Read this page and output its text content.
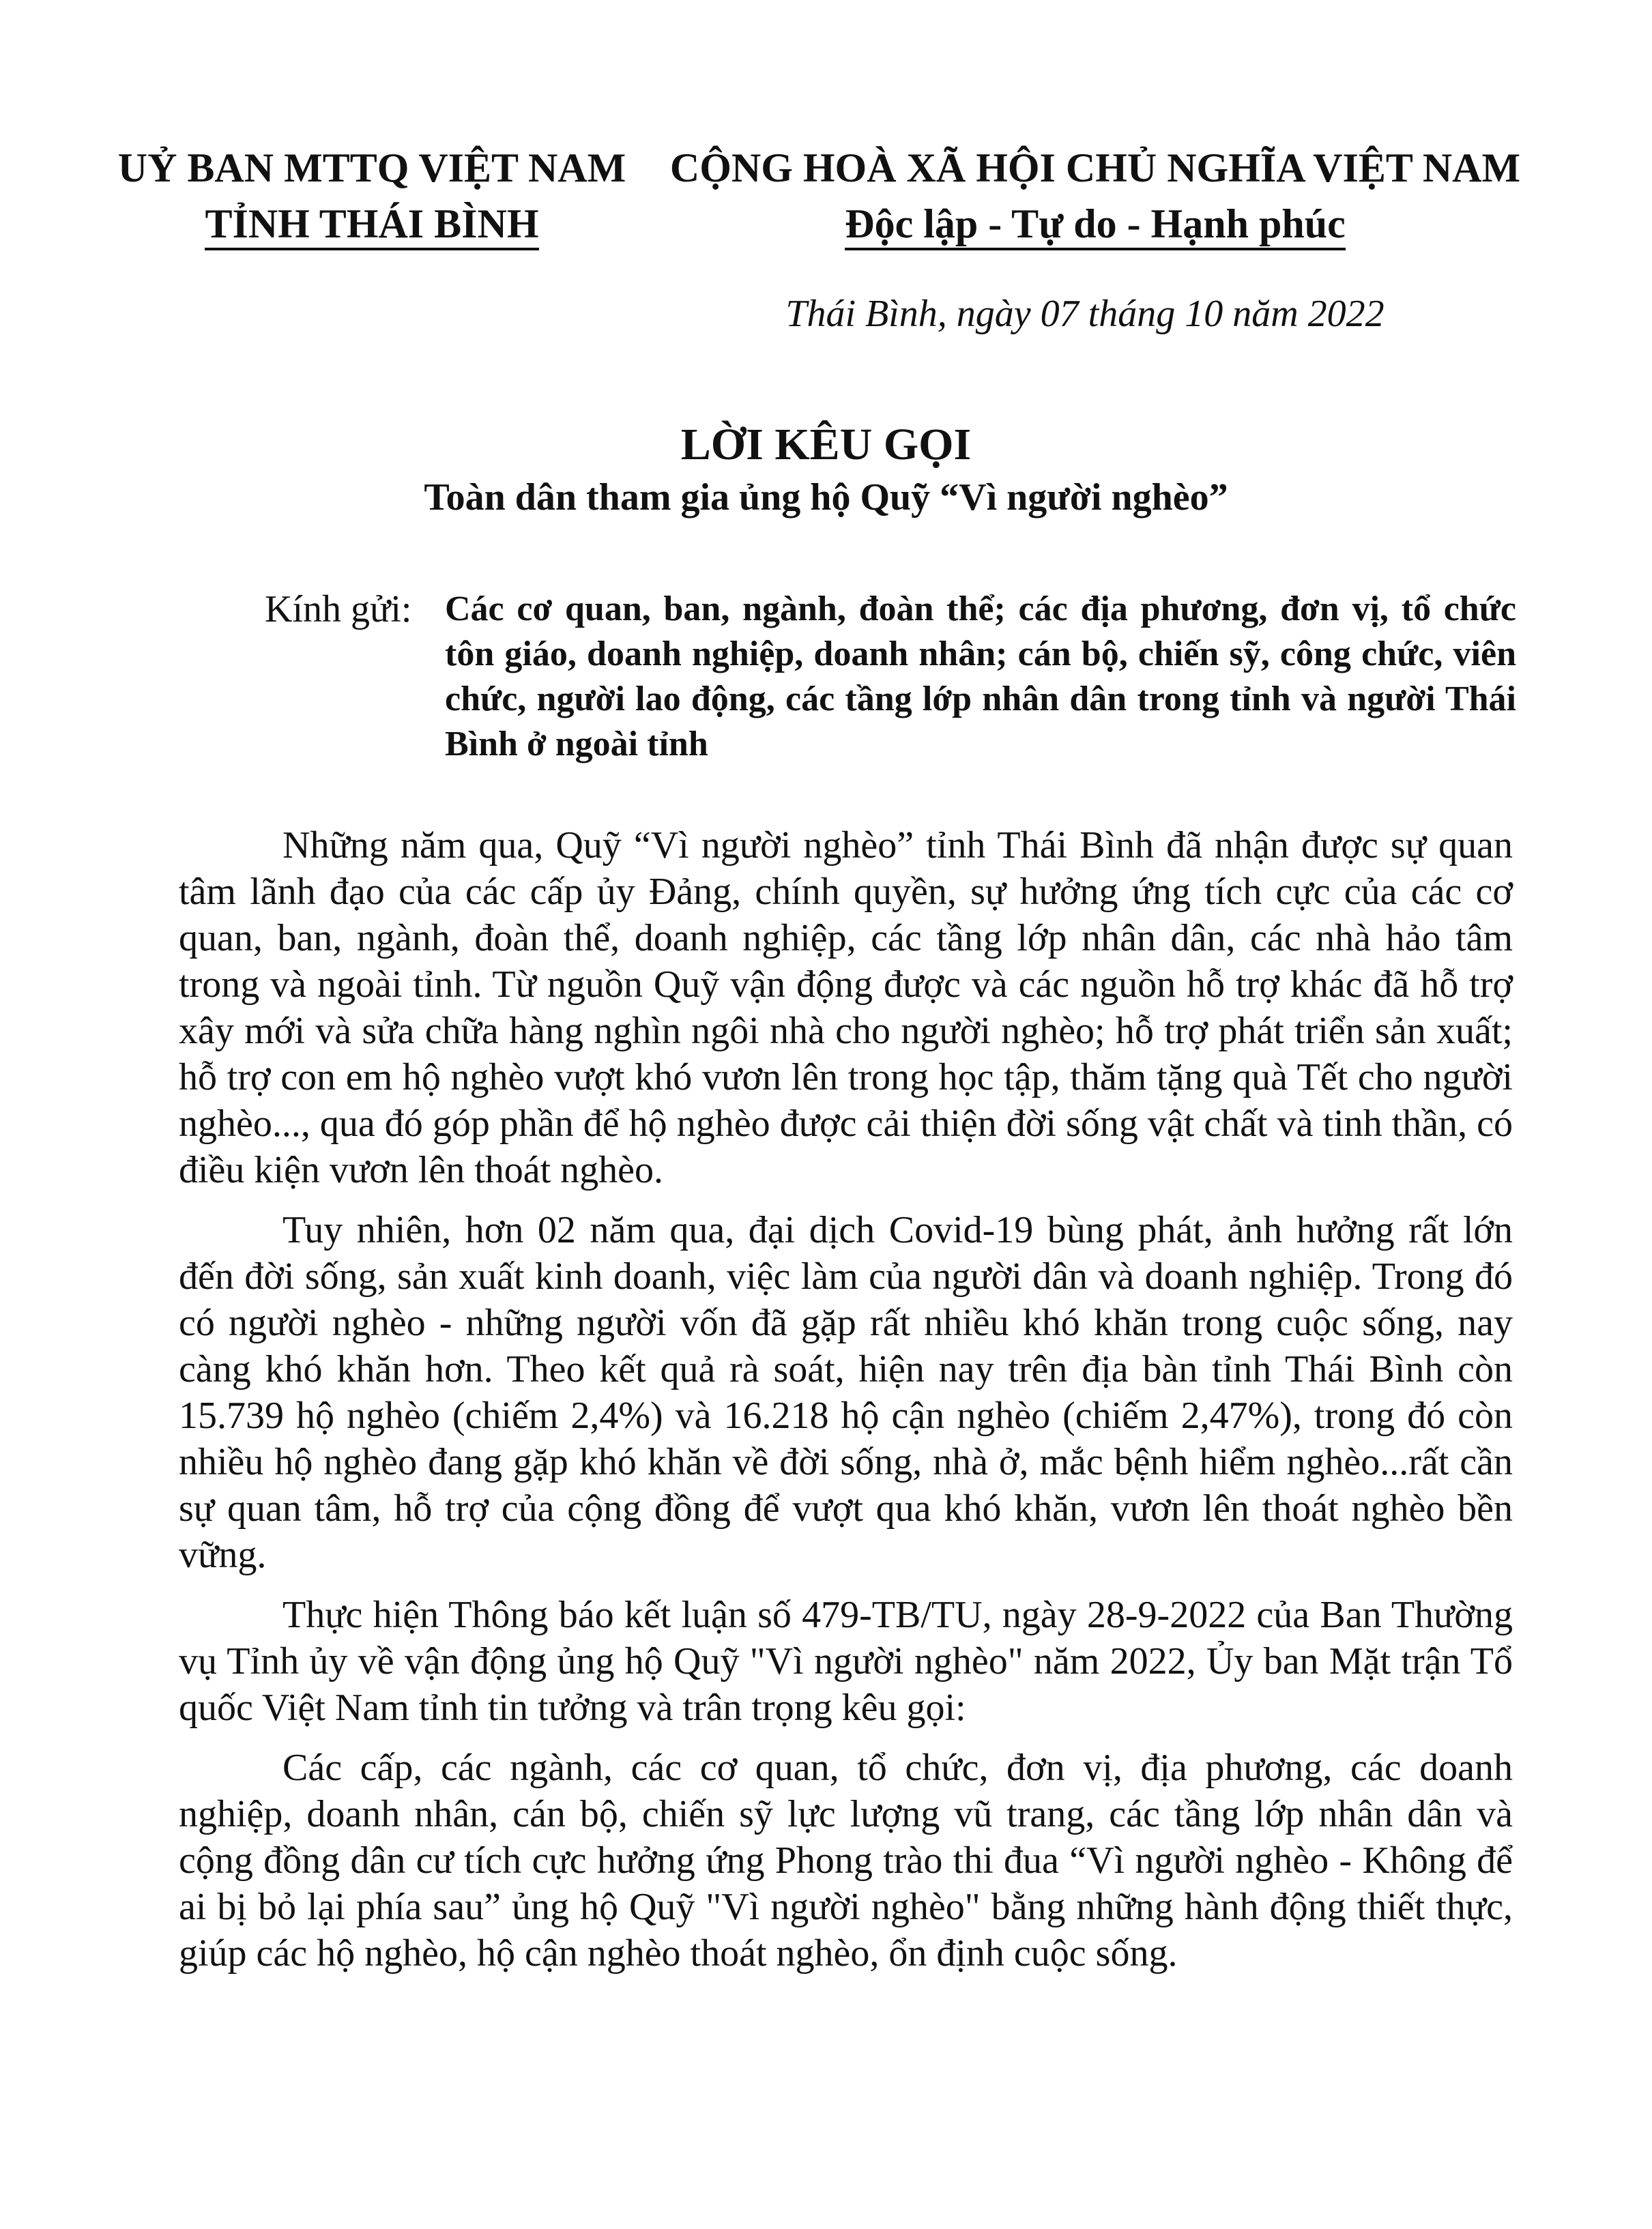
UỶ BAN MTTQ VIỆT NAM
TỈNH THÁI BÌNH
CỘNG HOÀ XÃ HỘI CHỦ NGHĨA VIỆT NAM
Độc lập - Tự do - Hạnh phúc
Thái Bình, ngày 07 tháng 10 năm 2022
LỜI KÊU GỌI
Toàn dân tham gia ủng hộ Quỹ “Vì người nghèo”
Kính gửi: Các cơ quan, ban, ngành, đoàn thể; các địa phương, đơn vị, tổ chức tôn giáo, doanh nghiệp, doanh nhân; cán bộ, chiến sỹ, công chức, viên chức, người lao động, các tầng lớp nhân dân trong tỉnh và người Thái Bình ở ngoài tỉnh

Những năm qua, Quỹ “Vì người nghèo” tỉnh Thái Bình đã nhận được sự quan tâm lãnh đạo của các cấp ủy Đảng, chính quyền, sự hưởng ứng tích cực của các cơ quan, ban, ngành, đoàn thể, doanh nghiệp, các tầng lớp nhân dân, các nhà hảo tâm trong và ngoài tỉnh. Từ nguồn Quỹ vận động được và các nguồn hỗ trợ khác đã hỗ trợ xây mới và sửa chữa hàng nghìn ngôi nhà cho người nghèo; hỗ trợ phát triển sản xuất; hỗ trợ con em hộ nghèo vượt khó vươn lên trong học tập, thăm tặng quà Tết cho người nghèo..., qua đó góp phần để hộ nghèo được cải thiện đời sống vật chất và tinh thần, có điều kiện vươn lên thoát nghèo.

Tuy nhiên, hơn 02 năm qua, đại dịch Covid-19 bùng phát, ảnh hưởng rất lớn đến đời sống, sản xuất kinh doanh, việc làm của người dân và doanh nghiệp. Trong đó có người nghèo - những người vốn đã gặp rất nhiều khó khăn trong cuộc sống, nay càng khó khăn hơn. Theo kết quả rà soát, hiện nay trên địa bàn tỉnh Thái Bình còn 15.739 hộ nghèo (chiếm 2,4%) và 16.218 hộ cận nghèo (chiếm 2,47%), trong đó còn nhiều hộ nghèo đang gặp khó khăn về đời sống, nhà ở, mắc bệnh hiểm nghèo...rất cần sự quan tâm, hỗ trợ của cộng đồng để vượt qua khó khăn, vươn lên thoát nghèo bền vững.

Thực hiện Thông báo kết luận số 479-TB/TU, ngày 28-9-2022 của Ban Thường vụ Tỉnh ủy về vận động ủng hộ Quỹ "Vì người nghèo" năm 2022, Ủy ban Mặt trận Tổ quốc Việt Nam tỉnh tin tưởng và trân trọng kêu gọi:

Các cấp, các ngành, các cơ quan, tổ chức, đơn vị, địa phương, các doanh nghiệp, doanh nhân, cán bộ, chiến sỹ lực lượng vũ trang, các tầng lớp nhân dân và cộng đồng dân cư tích cực hưởng ứng Phong trào thi đua “Vì người nghèo - Không để ai bị bỏ lại phía sau” ủng hộ Quỹ "Vì người nghèo" bằng những hành động thiết thực, giúp các hộ nghèo, hộ cận nghèo thoát nghèo, ổn định cuộc sống.
